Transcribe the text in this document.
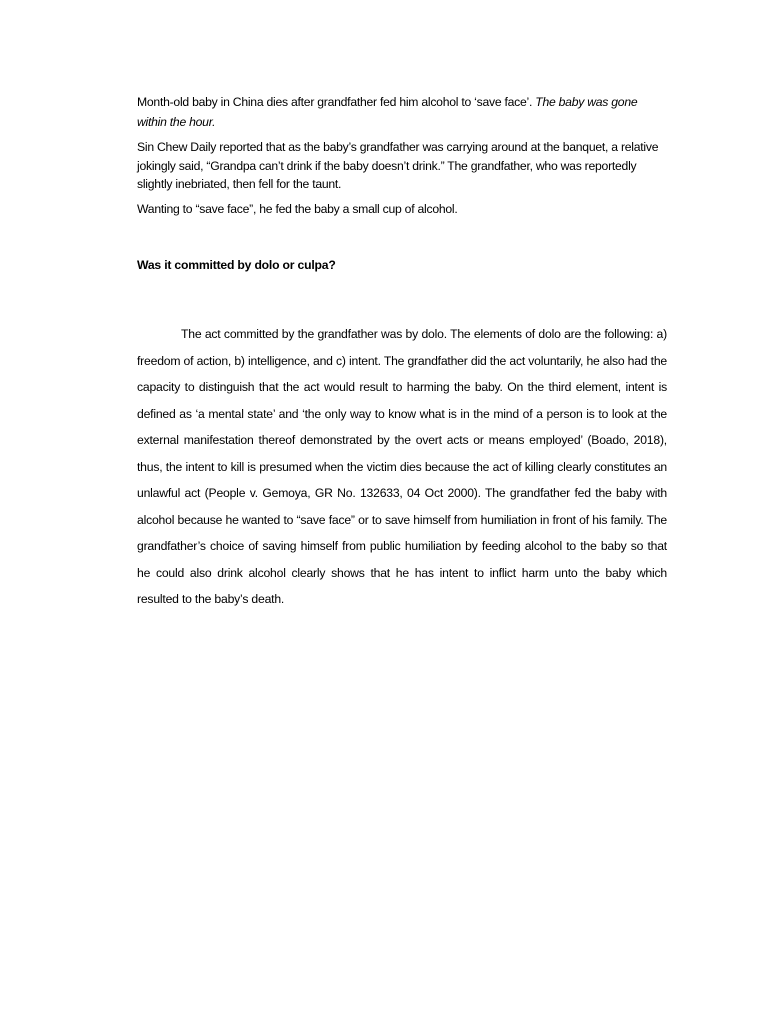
Month-old baby in China dies after grandfather fed him alcohol to ‘save face’. The baby was gone within the hour.

Sin Chew Daily reported that as the baby’s grandfather was carrying around at the banquet, a relative jokingly said, “Grandpa can’t drink if the baby doesn’t drink.” The grandfather, who was reportedly slightly inebriated, then fell for the taunt.

Wanting to “save face”, he fed the baby a small cup of alcohol.

Was it committed by dolo or culpa?

The act committed by the grandfather was by dolo. The elements of dolo are the following: a) freedom of action, b) intelligence, and c) intent. The grandfather did the act voluntarily, he also had the capacity to distinguish that the act would result to harming the baby. On the third element, intent is defined as ‘a mental state’ and ‘the only way to know what is in the mind of a person is to look at the external manifestation thereof demonstrated by the overt acts or means employed’ (Boado, 2018), thus, the intent to kill is presumed when the victim dies because the act of killing clearly constitutes an unlawful act (People v. Gemoya, GR No. 132633, 04 Oct 2000). The grandfather fed the baby with alcohol because he wanted to “save face” or to save himself from humiliation in front of his family. The grandfather’s choice of saving himself from public humiliation by feeding alcohol to the baby so that he could also drink alcohol clearly shows that he has intent to inflict harm unto the baby which resulted to the baby’s death.
